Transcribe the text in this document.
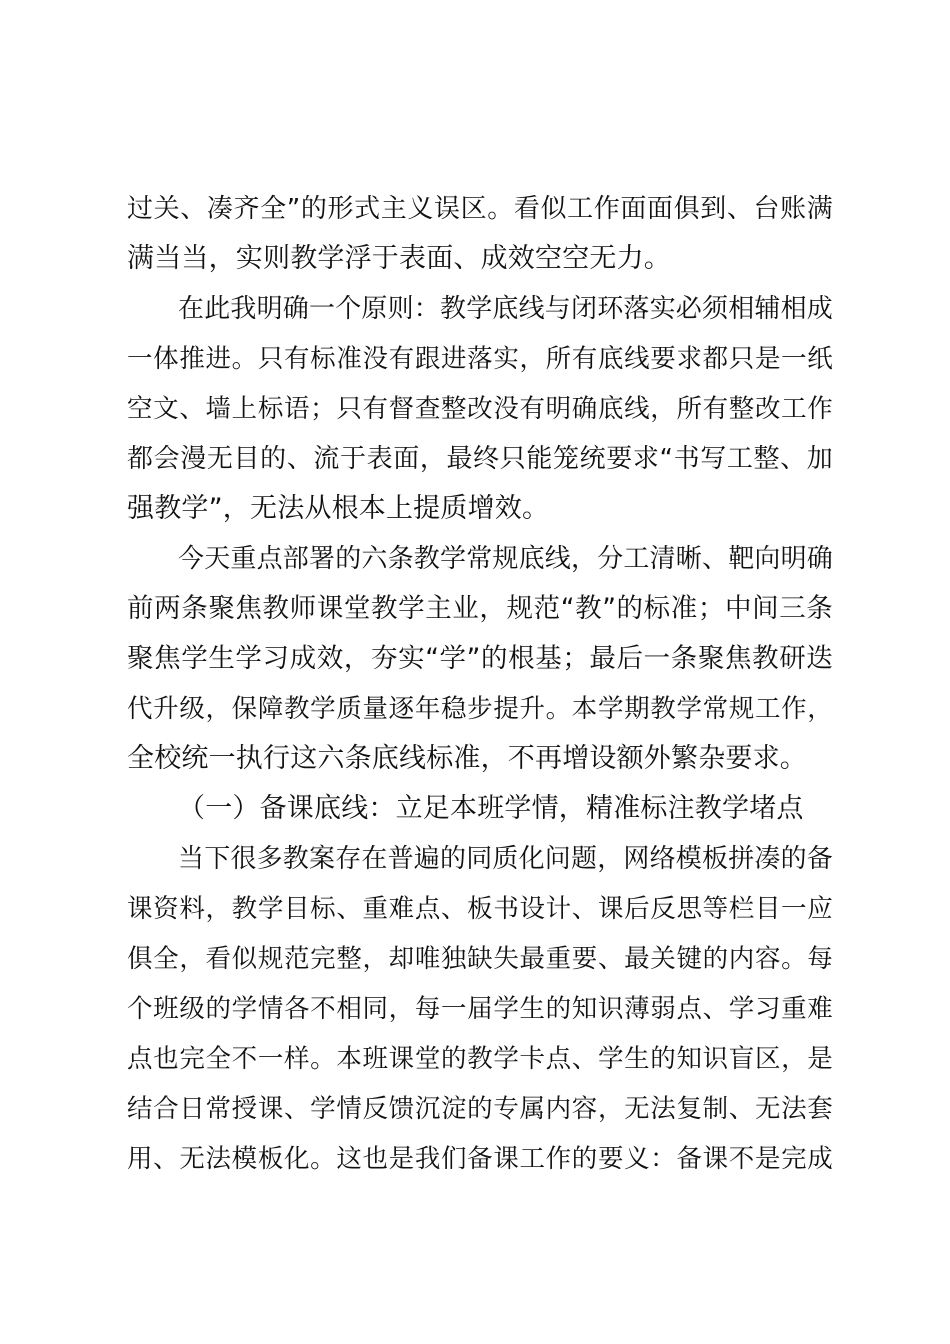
过关、凑齐全”的形式主义误区。看似工作面面俱到、台账满
满当当，实则教学浮于表面、成效空空无力。
在此我明确一个原则：教学底线与闭环落实必须相辅相成
一体推进。只有标准没有跟进落实，所有底线要求都只是一纸
空文、墙上标语；只有督查整改没有明确底线，所有整改工作
都会漫无目的、流于表面，最终只能笼统要求“书写工整、加
强教学”，无法从根本上提质增效。
今天重点部署的六条教学常规底线，分工清晰、靶向明确
前两条聚焦教师课堂教学主业，规范“教”的标准；中间三条
聚焦学生学习成效，夯实“学”的根基；最后一条聚焦教研迭
代升级，保障教学质量逐年稳步提升。本学期教学常规工作，
全校统一执行这六条底线标准，不再增设额外繁杂要求。
（一）备课底线：立足本班学情，精准标注教学堵点
当下很多教案存在普遍的同质化问题，网络模板拼凑的备
课资料，教学目标、重难点、板书设计、课后反思等栏目一应
俱全，看似规范完整，却唯独缺失最重要、最关键的内容。每
个班级的学情各不相同，每一届学生的知识薄弱点、学习重难
点也完全不一样。本班课堂的教学卡点、学生的知识盲区，是
结合日常授课、学情反馈沉淀的专属内容，无法复制、无法套
用、无法模板化。这也是我们备课工作的要义：备课不是完成
